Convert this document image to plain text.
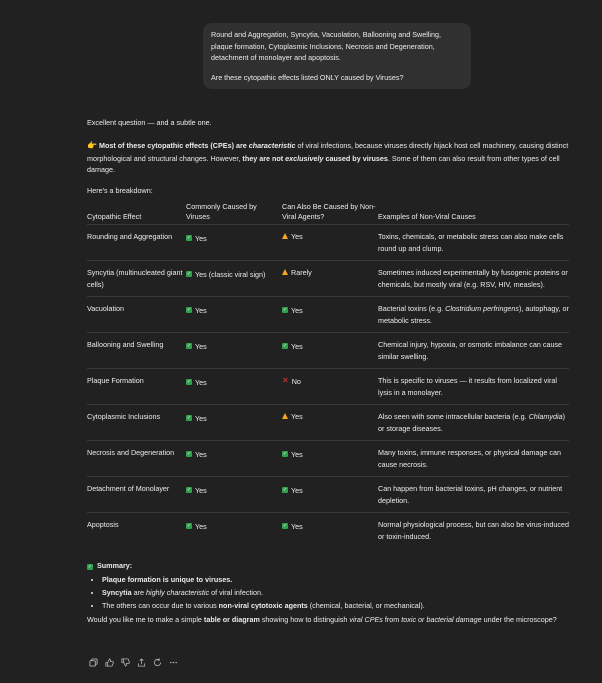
Round and Aggregation, Syncytia, Vacuolation, Ballooning and Swelling, plaque formation, Cytoplasmic Inclusions, Necrosis and Degeneration, detachment of monolayer and apoptosis.

Are these cytopathic effects listed ONLY caused by Viruses?

Excellent question — and a subtle one.

👉 Most of these cytopathic effects (CPEs) are characteristic of viral infections, because viruses directly hijack host cell machinery, causing distinct morphological and structural changes. However, they are not exclusively caused by viruses. Some of them can also result from other types of cell damage.

Here's a breakdown:

Cytopathic Effect	Commonly Caused by Viruses	Can Also Be Caused by Non-Viral Agents?	Examples of Non-Viral Causes
Rounding and Aggregation	✓ Yes	Yes	Toxins, chemicals, or metabolic stress can also make cells round up and clump.
Syncytia (multinucleated giant cells)	✓ Yes (classic viral sign)	Rarely	Sometimes induced experimentally by fusogenic proteins or chemicals, but mostly viral (e.g. RSV, HIV, measles).
Vacuolation	✓ Yes	✓ Yes	Bacterial toxins (e.g. Clostridium perfringens), autophagy, or metabolic stress.
Ballooning and Swelling	✓ Yes	✓ Yes	Chemical injury, hypoxia, or osmotic imbalance can cause similar swelling.
Plaque Formation	✓ Yes	✕ No	This is specific to viruses — it results from localized viral lysis in a monolayer.
Cytoplasmic Inclusions	✓ Yes	Yes	Also seen with some intracellular bacteria (e.g. Chlamydia) or storage diseases.
Necrosis and Degeneration	✓ Yes	✓ Yes	Many toxins, immune responses, or physical damage can cause necrosis.
Detachment of Monolayer	✓ Yes	✓ Yes	Can happen from bacterial toxins, pH changes, or nutrient depletion.
Apoptosis	✓ Yes	✓ Yes	Normal physiological process, but can also be virus-induced or toxin-induced.
✓ Summary:
• Plaque formation is unique to viruses.
• Syncytia are highly characteristic of viral infection.
• The others can occur due to various non-viral cytotoxic agents (chemical, bacterial, or mechanical).

Would you like me to make a simple table or diagram showing how to distinguish viral CPEs from toxic or bacterial damage under the microscope?
